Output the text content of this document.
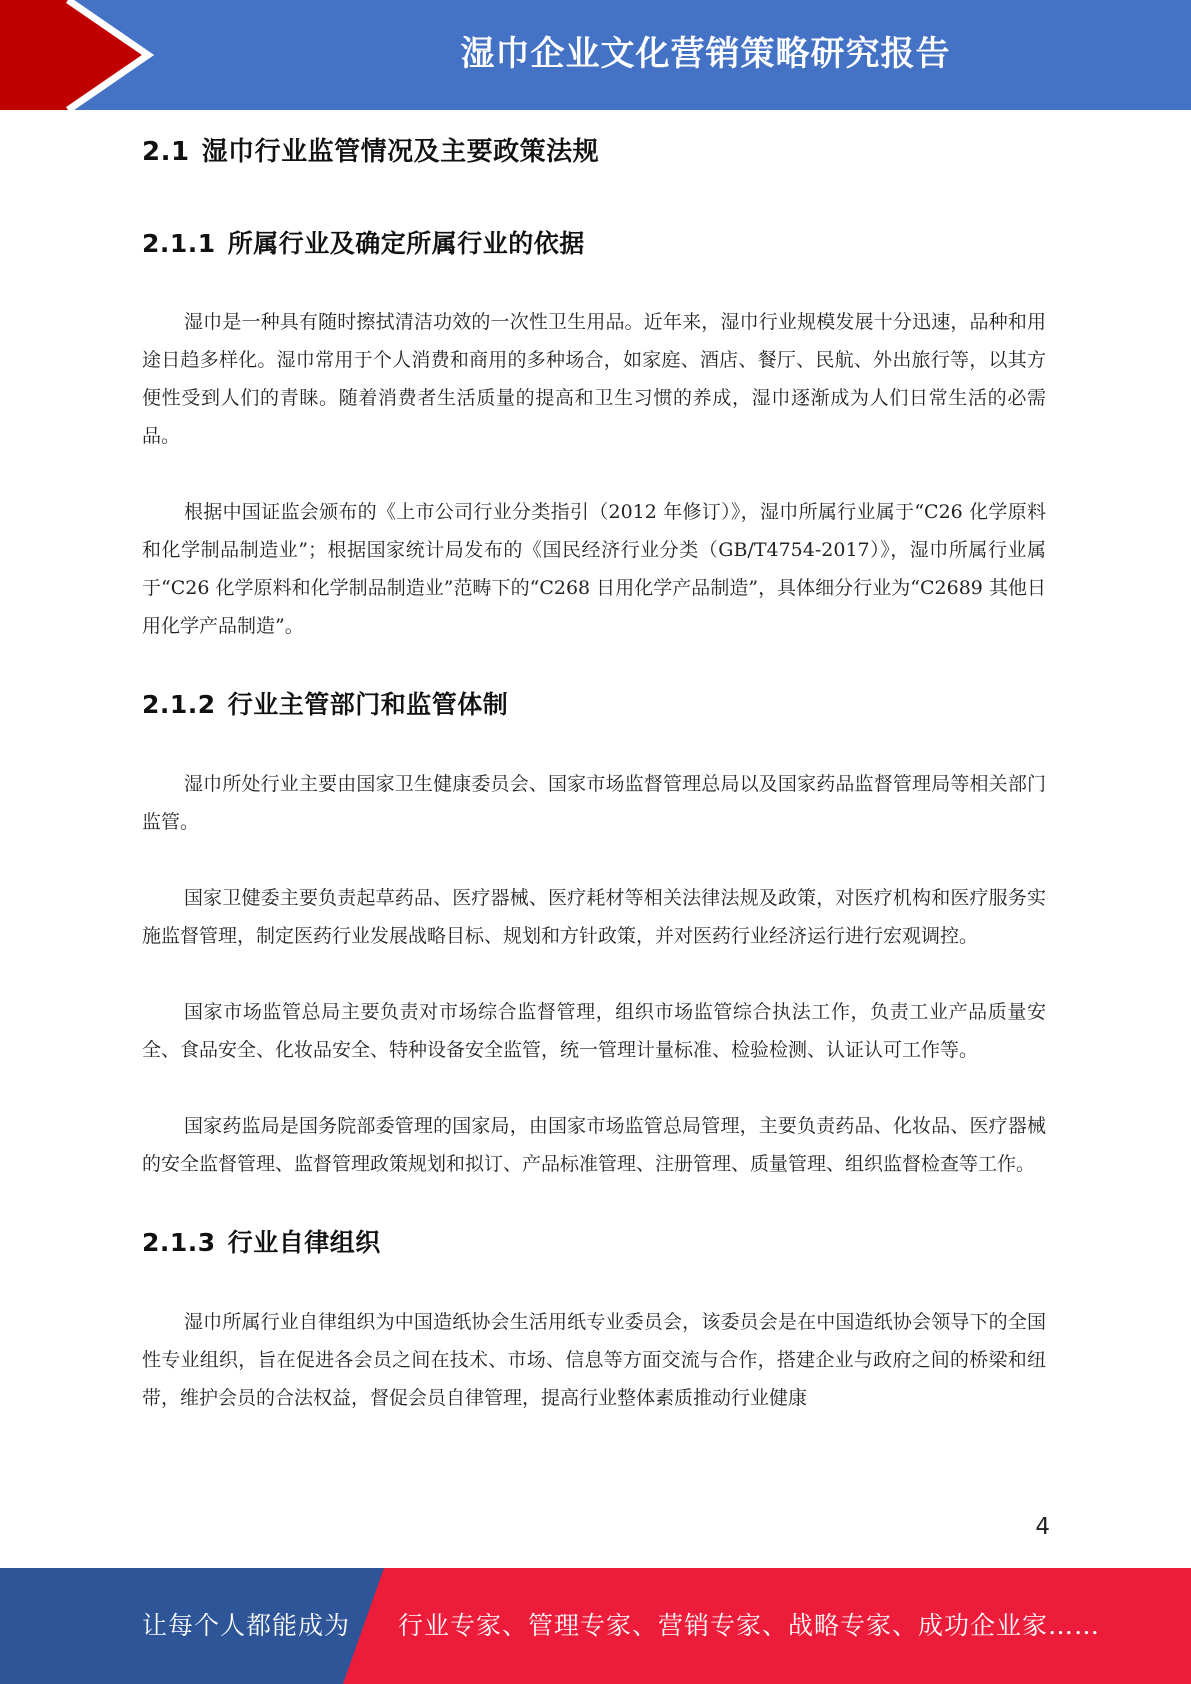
湿巾企业文化营销策略研究报告
2.1 湿巾行业监管情况及主要政策法规
2.1.1 所属行业及确定所属行业的依据

湿巾是一种具有随时擦拭清洁功效的一次性卫生用品。近年来，湿巾行业规模发展十分迅速，品种和用途日趋多样化。湿巾常用于个人消费和商用的多种场合，如家庭、酒店、餐厅、民航、外出旅行等，以其方便性受到人们的青睐。随着消费者生活质量的提高和卫生习惯的养成，湿巾逐渐成为人们日常生活的必需品。

根据中国证监会颁布的《上市公司行业分类指引（2012 年修订）》，湿巾所属行业属于“C26 化学原料和化学制品制造业”；根据国家统计局发布的《国民经济行业分类（GB/T4754-2017）》，湿巾所属行业属于“C26 化学原料和化学制品制造业”范畴下的“C268 日用化学产品制造”，具体细分行业为“C2689 其他日用化学产品制造”。

2.1.2 行业主管部门和监管体制

湿巾所处行业主要由国家卫生健康委员会、国家市场监督管理总局以及国家药品监督管理局等相关部门监管。

国家卫健委主要负责起草药品、医疗器械、医疗耗材等相关法律法规及政策，对医疗机构和医疗服务实施监督管理，制定医药行业发展战略目标、规划和方针政策，并对医药行业经济运行进行宏观调控。

国家市场监管总局主要负责对市场综合监督管理，组织市场监管综合执法工作，负责工业产品质量安全、食品安全、化妆品安全、特种设备安全监管，统一管理计量标准、检验检测、认证认可工作等。

国家药监局是国务院部委管理的国家局，由国家市场监管总局管理，主要负责药品、化妆品、医疗器械的安全监督管理、监督管理政策规划和拟订、产品标准管理、注册管理、质量管理、组织监督检查等工作。

2.1.3 行业自律组织

湿巾所属行业自律组织为中国造纸协会生活用纸专业委员会，该委员会是在中国造纸协会领导下的全国性专业组织，旨在促进各会员之间在技术、市场、信息等方面交流与合作，搭建企业与政府之间的桥梁和纽带，维护会员的合法权益，督促会员自律管理，提高行业整体素质推动行业健康

4
让每个人都能成为 行业专家、管理专家、营销专家、战略专家、成功企业家……
